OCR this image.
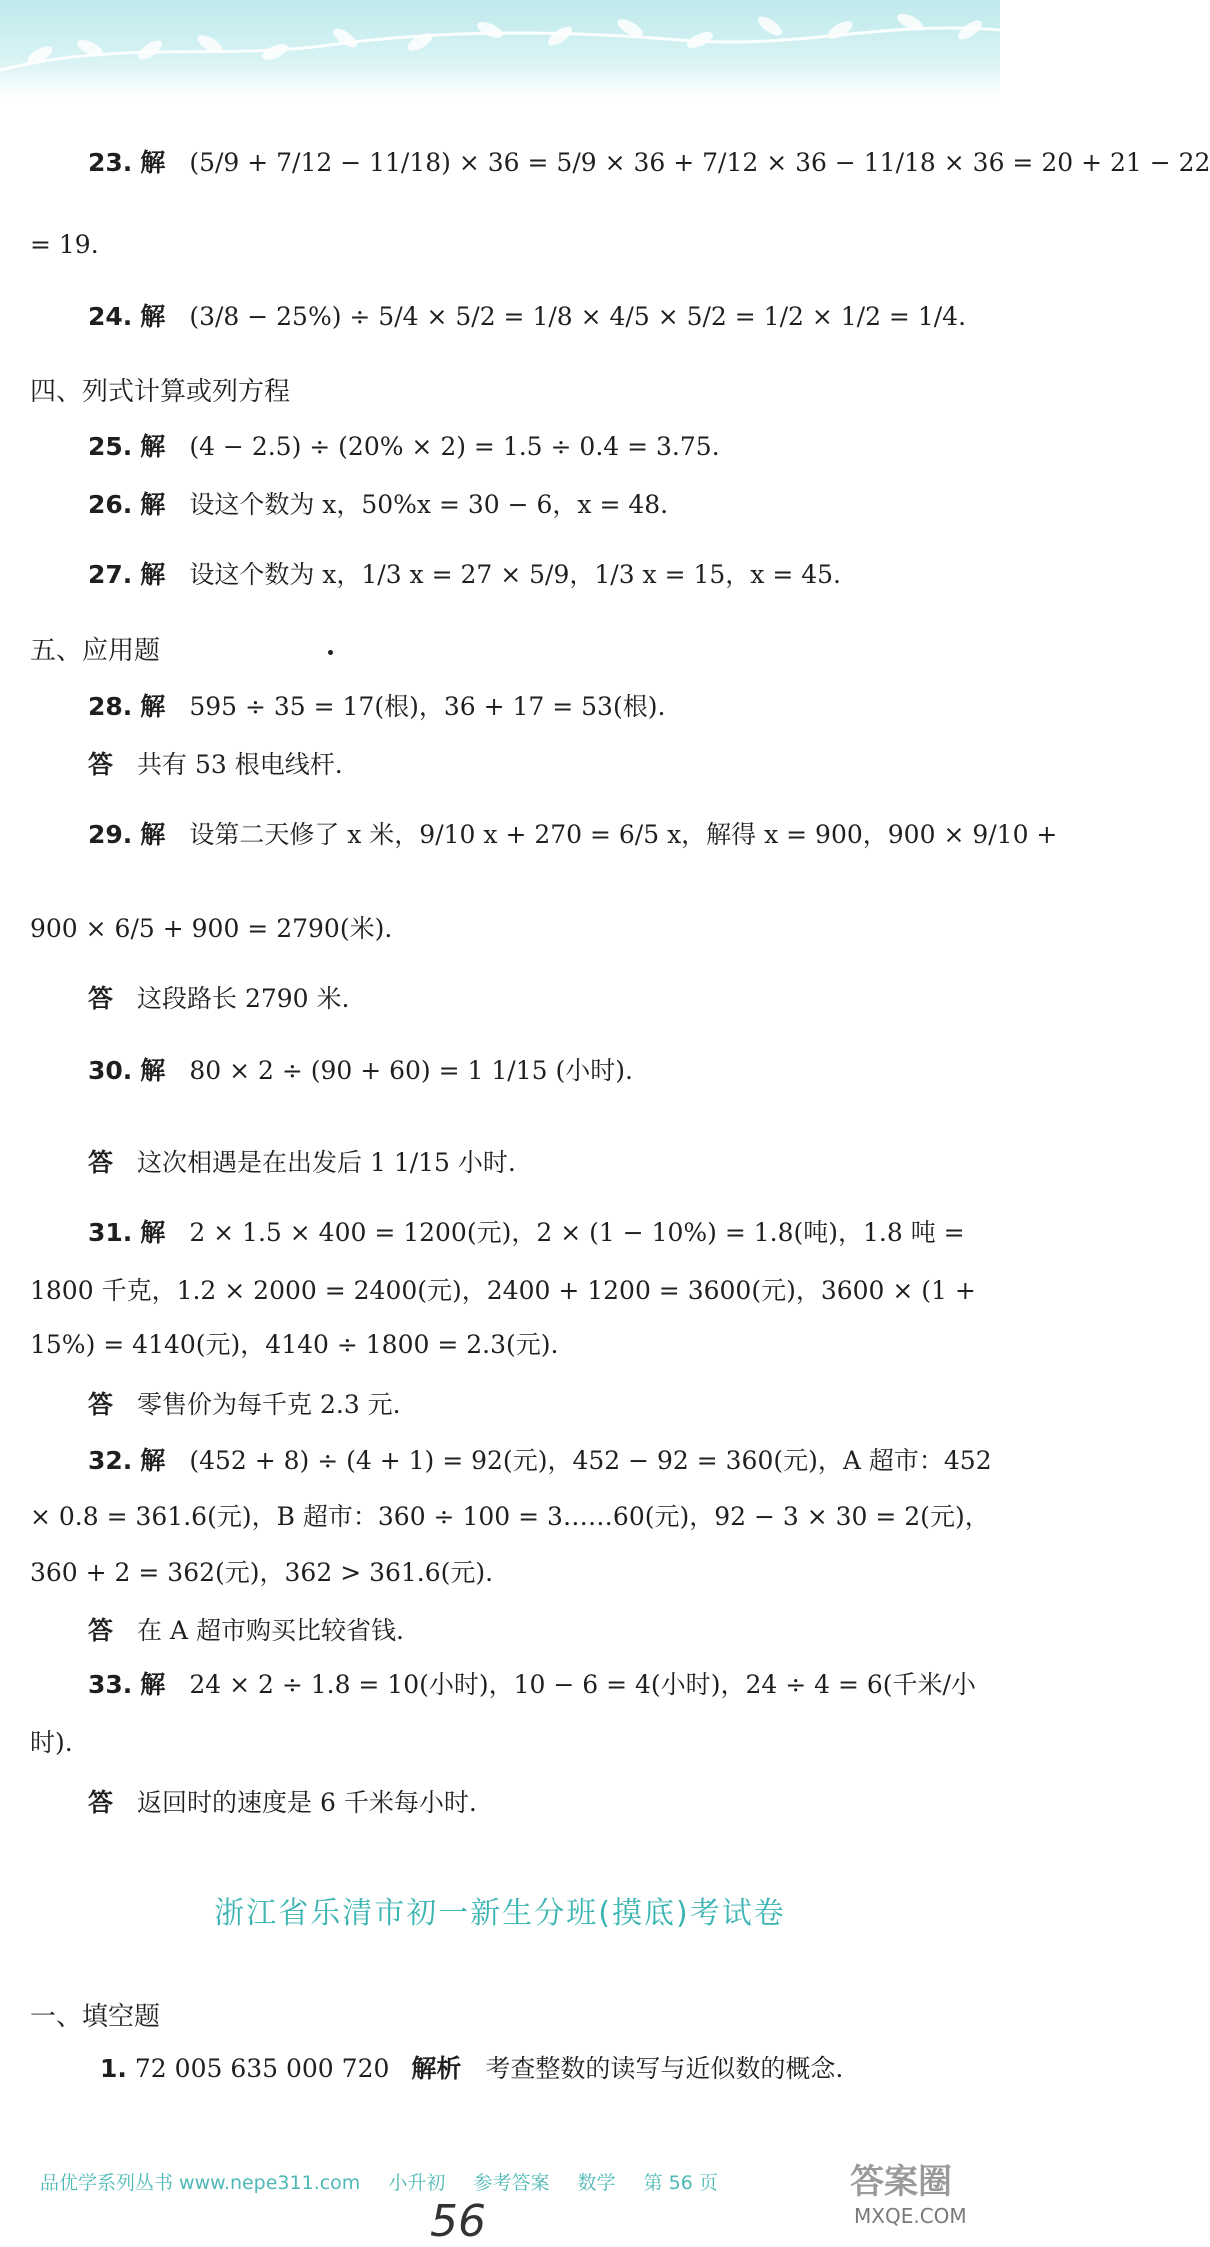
23. 解 (5/9 + 7/12 − 11/18) × 36 = 5/9 × 36 + 7/12 × 36 − 11/18 × 36 = 20 + 21 − 22
= 19.
24. 解 (3/8 − 25%) ÷ 5/4 × 5/2 = 1/8 × 4/5 × 5/2 = 1/2 × 1/2 = 1/4.
四、列式计算或列方程
25. 解 (4 − 2.5) ÷ (20% × 2) = 1.5 ÷ 0.4 = 3.75.
26. 解 设这个数为 x，50%x = 30 − 6，x = 48.
27. 解 设这个数为 x，1/3 x = 27 × 5/9，1/3 x = 15，x = 45.
五、应用题
28. 解 595 ÷ 35 = 17(根)，36 + 17 = 53(根).
答 共有 53 根电线杆.
29. 解 设第二天修了 x 米，9/10 x + 270 = 6/5 x，解得 x = 900，900 × 9/10 +
900 × 6/5 + 900 = 2790(米).
答 这段路长 2790 米.
30. 解 80 × 2 ÷ (90 + 60) = 1 1/15 (小时).
答 这次相遇是在出发后 1 1/15 小时.
31. 解 2 × 1.5 × 400 = 1200(元)，2 × (1 − 10%) = 1.8(吨)，1.8 吨 =
1800 千克，1.2 × 2000 = 2400(元)，2400 + 1200 = 3600(元)，3600 × (1 +
15%) = 4140(元)，4140 ÷ 1800 = 2.3(元).
答 零售价为每千克 2.3 元.
32. 解 (452 + 8) ÷ (4 + 1) = 92(元)，452 − 92 = 360(元)，A 超市：452
× 0.8 = 361.6(元)，B 超市：360 ÷ 100 = 3……60(元)，92 − 3 × 30 = 2(元)，
360 + 2 = 362(元)，362 > 361.6(元).
答 在 A 超市购买比较省钱.
33. 解 24 × 2 ÷ 1.8 = 10(小时)，10 − 6 = 4(小时)，24 ÷ 4 = 6(千米/小
时).
答 返回时的速度是 6 千米每小时.
浙江省乐清市初一新生分班(摸底)考试卷
一、填空题
1. 72 005 635 000 720 解析 考查整数的读写与近似数的概念.
品优学系列丛书 www.nepe311.com 小升初 参考答案 数学 第 56 页
56
答案圈
MXQE.COM
